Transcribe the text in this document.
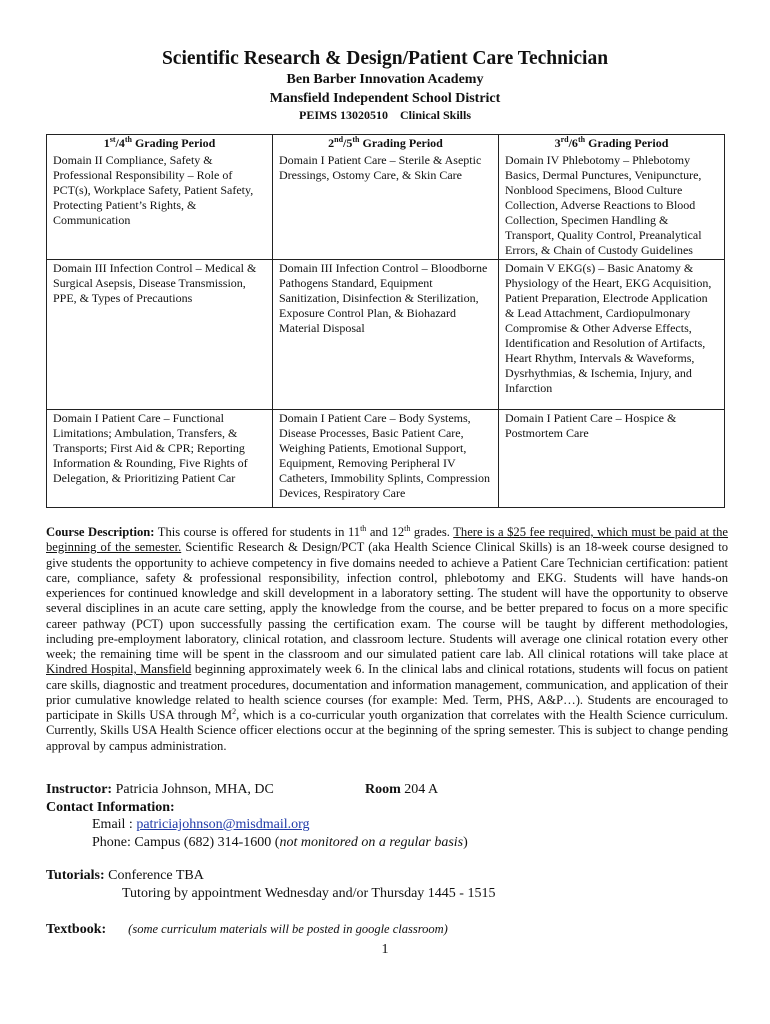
Scientific Research & Design/Patient Care Technician
Ben Barber Innovation Academy
Mansfield Independent School District
PEIMS 13020510    Clinical Skills
1st/4th Grading Period	2nd/5th Grading Period	3rd/6th Grading Period
Domain II Compliance, Safety & Professional Responsibility – Role of PCT(s), Workplace Safety, Patient Safety, Protecting Patient’s Rights, & Communication	Domain I Patient Care – Sterile & Aseptic Dressings, Ostomy Care, & Skin Care	Domain IV Phlebotomy – Phlebotomy Basics, Dermal Punctures, Venipuncture, Nonblood Specimens, Blood Culture Collection, Adverse Reactions to Blood Collection, Specimen Handling & Transport, Quality Control, Preanalytical Errors, & Chain of Custody Guidelines
Domain III Infection Control – Medical & Surgical Asepsis, Disease Transmission, PPE, & Types of Precautions	Domain III Infection Control – Bloodborne Pathogens Standard, Equipment Sanitization, Disinfection & Sterilization, Exposure Control Plan, & Biohazard Material Disposal	Domain V EKG(s) – Basic Anatomy & Physiology of the Heart, EKG Acquisition, Patient Preparation, Electrode Application & Lead Attachment, Cardiopulmonary Compromise & Other Adverse Effects, Identification and Resolution of Artifacts, Heart Rhythm, Intervals & Waveforms, Dysrhythmias, & Ischemia, Injury, and Infarction
Domain I Patient Care – Functional Limitations; Ambulation, Transfers, & Transports; First Aid & CPR; Reporting Information & Rounding, Five Rights of Delegation, & Prioritizing Patient Car	Domain I Patient Care – Body Systems, Disease Processes, Basic Patient Care, Weighing Patients, Emotional Support, Equipment, Removing Peripheral IV Catheters, Immobility Splints, Compression Devices, Respiratory Care	Domain I Patient Care – Hospice & Postmortem Care
Course Description: This course is offered for students in 11th and 12th grades. There is a $25 fee required, which must be paid at the beginning of the semester. Scientific Research & Design/PCT (aka Health Science Clinical Skills) is an 18-week course designed to give students the opportunity to achieve competency in five domains needed to achieve a Patient Care Technician certification: patient care, compliance, safety & professional responsibility, infection control, phlebotomy and EKG. Students will have hands-on experiences for continued knowledge and skill development in a laboratory setting. The student will have the opportunity to observe several disciplines in an acute care setting, apply the knowledge from the course, and be better prepared to focus on a more specific career pathway (PCT) upon successfully passing the certification exam. The course will be taught by different methodologies, including pre-employment laboratory, clinical rotation, and classroom lecture. Students will average one clinical rotation every other week; the remaining time will be spent in the classroom and our simulated patient care lab. All clinical rotations will take place at Kindred Hospital, Mansfield beginning approximately week 6. In the clinical labs and clinical rotations, students will focus on patient care skills, diagnostic and treatment procedures, documentation and information management, communication, and application of their prior cumulative knowledge related to health science courses (for example: Med. Term, PHS, A&P…). Students are encouraged to participate in Skills USA through $M^2$, which is a co-curricular youth organization that correlates with the Health Science curriculum. Currently, Skills USA Health Science officer elections occur at the beginning of the spring semester. This is subject to change pending approval by campus administration.
Instructor: Patricia Johnson, MHA, DC	Room 204 A
Contact Information:
Email : patriciajohnson@misdmail.org
Phone: Campus (682) 314-1600 (not monitored on a regular basis)
Tutorials: Conference TBA
Tutoring by appointment Wednesday and/or Thursday 1445 - 1515
Textbook: (some curriculum materials will be posted in google classroom)
1
